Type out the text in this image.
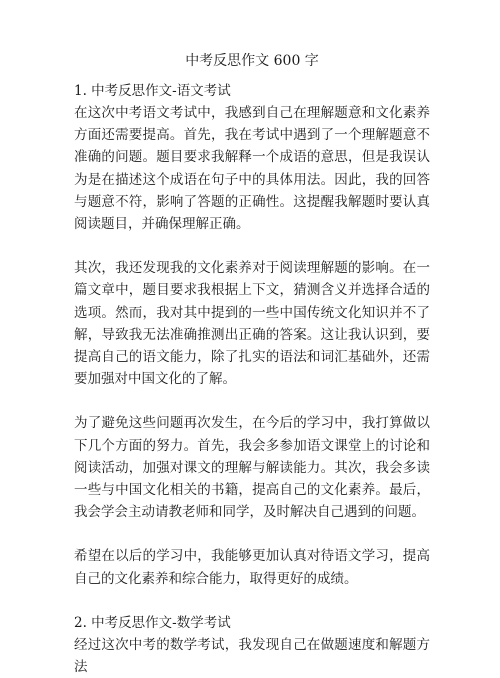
中考反思作文 600 字
1. 中考反思作文-语文考试

在这次中考语文考试中，我感到自己在理解题意和文化素养方面还需要提高。首先，我在考试中遇到了一个理解题意不准确的问题。题目要求我解释一个成语的意思，但是我误认为是在描述这个成语在句子中的具体用法。因此，我的回答与题意不符，影响了答题的正确性。这提醒我解题时要认真阅读题目，并确保理解正确。

其次，我还发现我的文化素养对于阅读理解题的影响。在一篇文章中，题目要求我根据上下文，猜测含义并选择合适的选项。然而，我对其中提到的一些中国传统文化知识并不了解，导致我无法准确推测出正确的答案。这让我认识到，要提高自己的语文能力，除了扎实的语法和词汇基础外，还需要加强对中国文化的了解。

为了避免这些问题再次发生，在今后的学习中，我打算做以下几个方面的努力。首先，我会多参加语文课堂上的讨论和阅读活动，加强对课文的理解与解读能力。其次，我会多读一些与中国文化相关的书籍，提高自己的文化素养。最后，我会学会主动请教老师和同学，及时解决自己遇到的问题。

希望在以后的学习中，我能够更加认真对待语文学习，提高自己的文化素养和综合能力，取得更好的成绩。

2. 中考反思作文-数学考试

经过这次中考的数学考试，我发现自己在做题速度和解题方法
